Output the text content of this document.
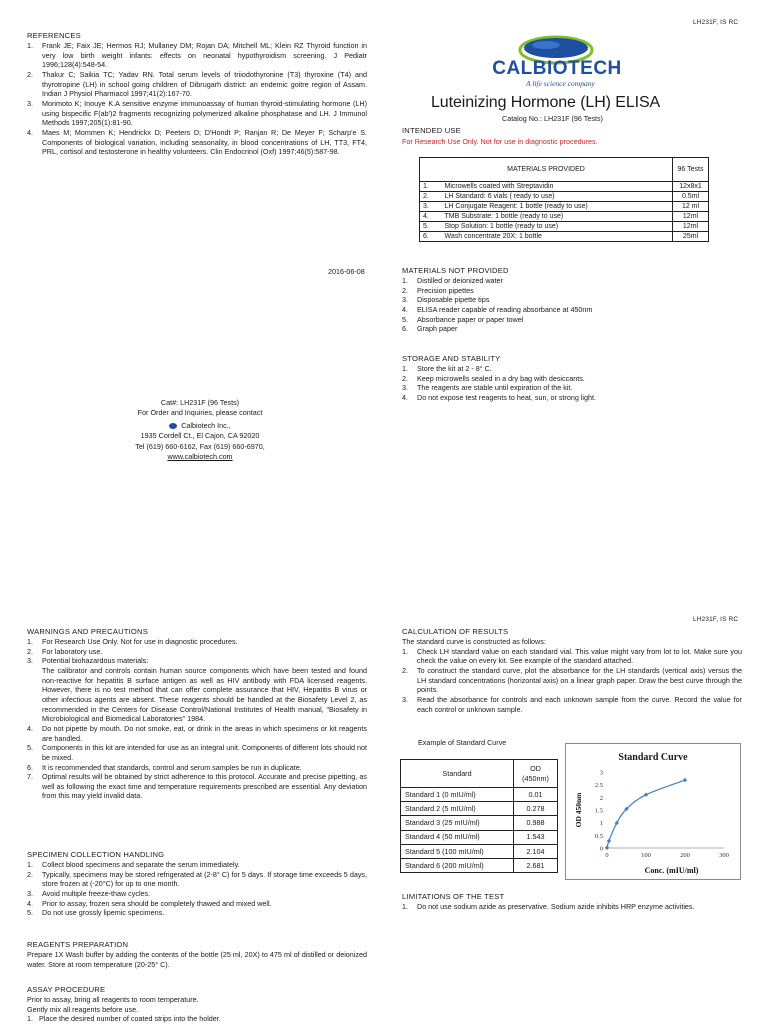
LH231F, IS RC
REFERENCES
1. Frank JE; Faix JE; Hermos RJ; Mullaney DM; Rojan DA; Mitchell ML; Klein RZ Thyroid function in very low birth weight infants: effects on neonatal hypothyroidism screening. J Pediatr 1996;128(4):548-54.
2. Thakur C; Saikia TC; Yadav RN. Total serum levels of triiodothyronine (T3) thyroxine (T4) and thyrotropine (LH) in school going children of Dibrugarh district: an endemic goitre region of Assam. Indian J Physiol Pharmacol 1997;41(2):167-70.
3. Morimoto K; Inouye K.A sensitive enzyme immunoassay of human thyroid-stimulating hormone (LH) using bispecific F(ab')2 fragments recognizing polymerized alkaline phosphatase and LH. J Immunol Methods 1997;205(1):81-90.
4. Maes M; Mommen K; Hendrickx D; Peeters D; D'Hondt P; Ranjan R; De Meyer F; Scharp'e S. Components of biological variation, including seasonality, in blood concentrations of LH, TT3, FT4, PRL, cortisol and testosterone in healthy volunteers. Clin Endocrinol (Oxf) 1997;46(5):587-98.
2016-06-08
Cat#: LH231F (96 Tests)
For Order and Inquiries, please contact
Calbiotech Inc.,
1935 Cordell Ct., El Cajon, CA 92020
Tel (619) 660-6162, Fax (619) 660-6970,
www.calbiotech.com
CALBIOTECH
A life science company
Luteinizing Hormone (LH) ELISA
Catalog No.: LH231F (96 Tests)
INTENDED USE
For Research Use Only. Not for use in diagnostic procedures.
MATERIALS PROVIDED		96 Tests
1.	Microwells coated with Streptavidin	12x8x1
2.	LH Standard: 6 vials ( ready to use)	0.5ml
3.	LH Conjugate Reagent: 1 bottle (ready to use)	12 ml
4.	TMB Substrate: 1 bottle (ready to use)	12ml
5.	Stop Solution: 1 bottle (ready to use)	12ml
6.	Wash concentrate 20X: 1 bottle	25ml
MATERIALS NOT PROVIDED
1. Distilled or deionized water
2. Precision pipettes
3. Disposable pipette tips
4. ELISA reader capable of reading absorbance at 450nm
5. Absorbance paper or paper towel
6. Graph paper
STORAGE AND STABILITY
1. Store the kit at 2 - 8° C.
2. Keep microwells sealed in a dry bag with desiccants.
3. The reagents are stable until expiration of the kit.
4. Do not expose test reagents to heat, sun, or strong light.
LH231F, IS RC
WARNINGS AND PRECAUTIONS
1. For Research Use Only. Not for use in diagnostic procedures.
2. For laboratory use.
3. Potential biohazardous materials:
The calibrator and controls contain human source components which have been tested and found non-reactive for hepatitis B surface antigen as well as HIV antibody with FDA licensed reagents. However, there is no test method that can offer complete assurance that HIV, Hepatitis B virus or other infectious agents are absent. These reagents should be handled at the Biosafety Level 2, as recommended in the Centers for Disease Control/National Institutes of Health manual, "Biosafety in Microbiological and Biomedical Laboratories" 1984.
4. Do not pipette by mouth. Do not smoke, eat, or drink in the areas in which specimens or kit reagents are handled.
5. Components in this kit are intended for use as an integral unit. Components of different lots should not be mixed.
6. It is recommended that standards, control and serum samples be run in duplicate.
7. Optimal results will be obtained by strict adherence to this protocol. Accurate and precise pipetting, as well as following the exact time and temperature requirements prescribed are essential. Any deviation from this may yield invalid data.
SPECIMEN COLLECTION HANDLING
1. Collect blood specimens and separate the serum immediately.
2. Typically, specimens may be stored refrigerated at (2-8° C) for 5 days. If storage time exceeds 5 days, store frozen at (-20°C) for up to one month.
3. Avoid multiple freeze-thaw cycles.
4. Prior to assay, frozen sera should be completely thawed and mixed well.
5. Do not use grossly lipemic specimens.
REAGENTS PREPARATION
Prepare 1X Wash buffer by adding the contents of the bottle (25 ml, 20X) to 475 ml of distilled or deionized water. Store at room temperature (20-25° C).
ASSAY PROCEDURE
Prior to assay, bring all reagents to room temperature.
Gently mix all reagents before use.
1. Place the desired number of coated strips into the holder.
CALCULATION OF RESULTS
The standard curve is constructed as follows:
1. Check LH standard value on each standard vial. This value might vary from lot to lot. Make sure you check the value on every kit. See example of the standard attached.
2. To construct the standard curve, plot the absorbance for the LH standards (vertical axis) versus the LH standard concentrations (horizontal axis) on a linear graph paper. Draw the best curve through the points.
3. Read the absorbance for controls and each unknown sample from the curve. Record the value for each control or unknown sample.
Example of Standard Curve
Standard	OD (450nm)
Standard 1 (0 mIU/ml)	0.01
Standard 2 (5 mIU/ml)	0.278
Standard 3 (25 mIU/ml)	0.988
Standard 4 (50 mIU/ml)	1.543
Standard 5 (100 mIU/ml)	2.104
Standard 6 (200 mIU/ml)	2.681
Standard Curve
0
0.5
1
1.5
2
2.5
3
0	100	200	300
Conc. (mIU/ml)
OD 450nm
LIMITATIONS OF THE TEST
1. Do not use sodium azide as preservative. Sodium azide inhibits HRP enzyme activities.
